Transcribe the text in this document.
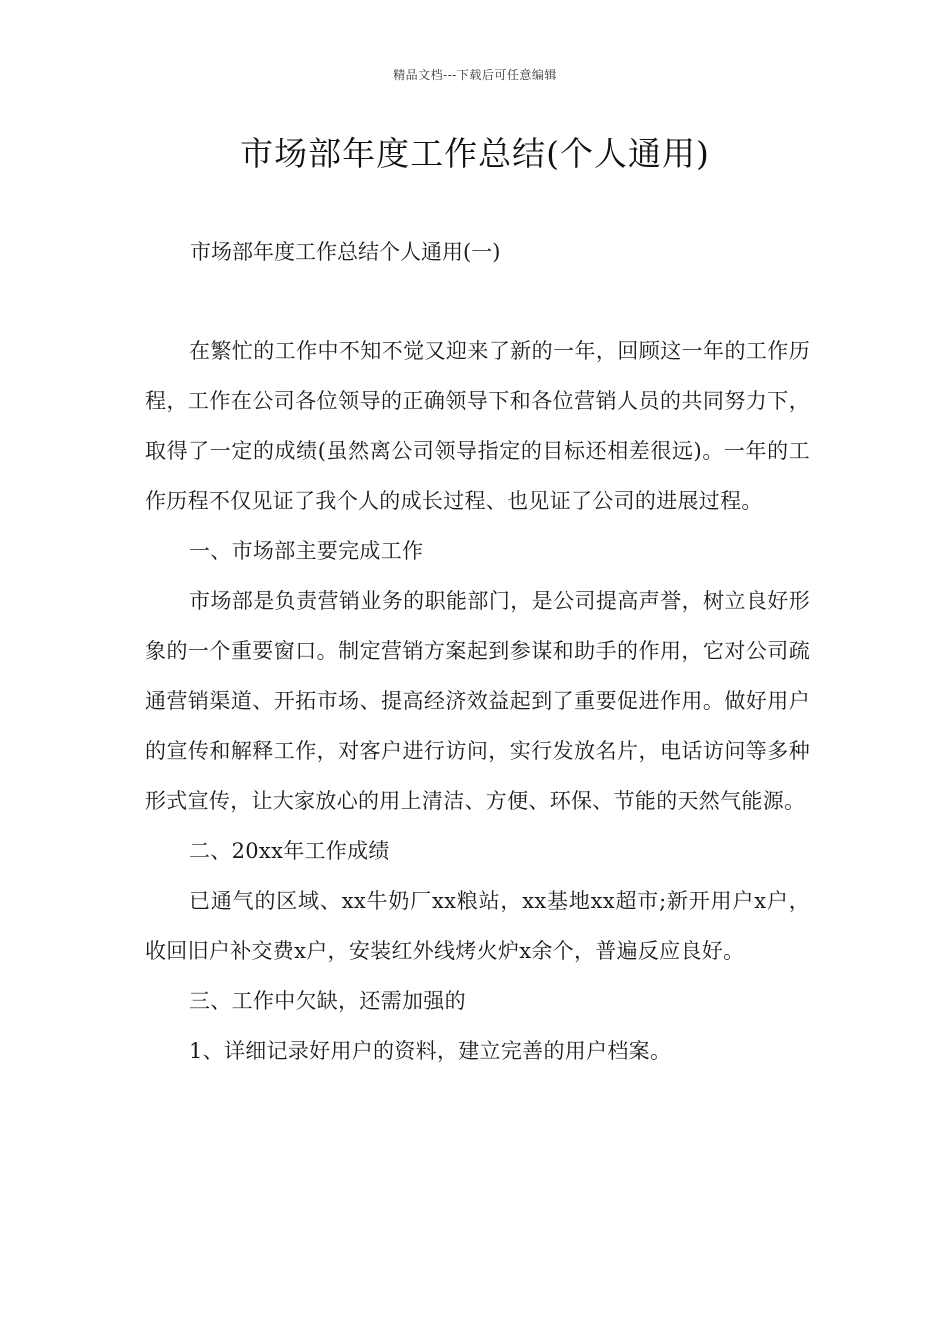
精品文档---下载后可任意编辑
市场部年度工作总结(个人通用)
市场部年度工作总结个人通用(一)

在繁忙的工作中不知不觉又迎来了新的一年，回顾这一年的工作历程，工作在公司各位领导的正确领导下和各位营销人员的共同努力下，取得了一定的成绩(虽然离公司领导指定的目标还相差很远)。一年的工作历程不仅见证了我个人的成长过程、也见证了公司的进展过程。

一、市场部主要完成工作

市场部是负责营销业务的职能部门，是公司提高声誉，树立良好形象的一个重要窗口。制定营销方案起到参谋和助手的作用，它对公司疏通营销渠道、开拓市场、提高经济效益起到了重要促进作用。做好用户的宣传和解释工作，对客户进行访问，实行发放名片，电话访问等多种形式宣传，让大家放心的用上清洁、方便、环保、节能的天然气能源。

二、20xx年工作成绩

已通气的区域、xx牛奶厂xx粮站，xx基地xx超市;新开用户x户，收回旧户补交费x户，安装红外线烤火炉x余个，普遍反应良好。

三、工作中欠缺，还需加强的

1、详细记录好用户的资料，建立完善的用户档案。
